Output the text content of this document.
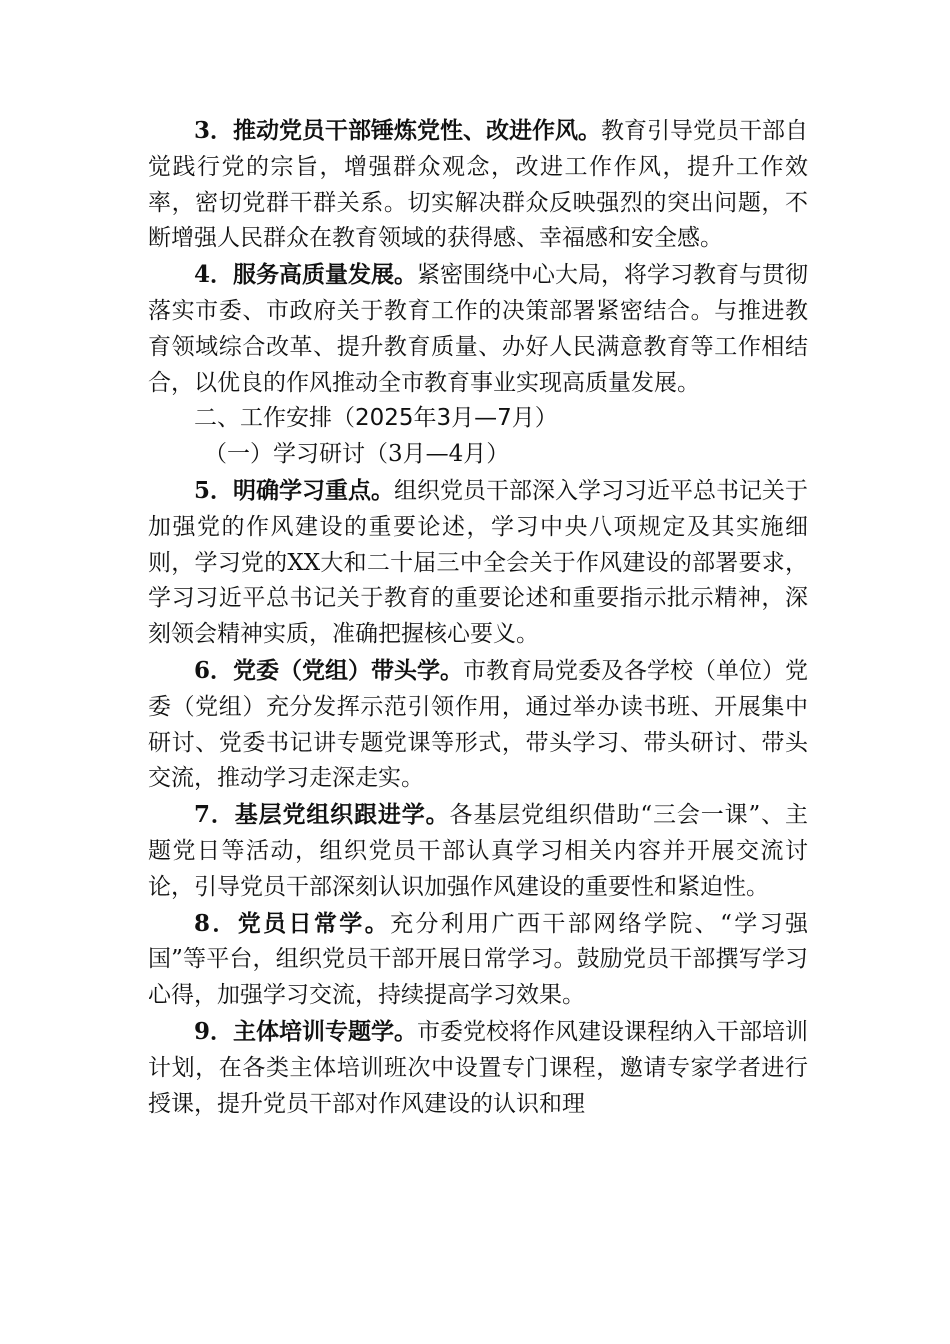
3．推动党员干部锤炼党性、改进作风。教育引导党员干部自觉践行党的宗旨，增强群众观念，改进工作作风，提升工作效率，密切党群干群关系。切实解决群众反映强烈的突出问题，不断增强人民群众在教育领域的获得感、幸福感和安全感。

4．服务高质量发展。紧密围绕中心大局，将学习教育与贯彻落实市委、市政府关于教育工作的决策部署紧密结合。与推进教育领域综合改革、提升教育质量、办好人民满意教育等工作相结合，以优良的作风推动全市教育事业实现高质量发展。

二、工作安排（2025年3月—7月）

（一）学习研讨（3月—4月）

5．明确学习重点。组织党员干部深入学习习近平总书记关于加强党的作风建设的重要论述，学习中央八项规定及其实施细则，学习党的XX大和二十届三中全会关于作风建设的部署要求，学习习近平总书记关于教育的重要论述和重要指示批示精神，深刻领会精神实质，准确把握核心要义。

6．党委（党组）带头学。市教育局党委及各学校（单位）党委（党组）充分发挥示范引领作用，通过举办读书班、开展集中研讨、党委书记讲专题党课等形式，带头学习、带头研讨、带头交流，推动学习走深走实。

7．基层党组织跟进学。各基层党组织借助“三会一课”、主题党日等活动，组织党员干部认真学习相关内容并开展交流讨论，引导党员干部深刻认识加强作风建设的重要性和紧迫性。

8．党员日常学。充分利用广西干部网络学院、“学习强国”等平台，组织党员干部开展日常学习。鼓励党员干部撰写学习心得，加强学习交流，持续提高学习效果。

9．主体培训专题学。市委党校将作风建设课程纳入干部培训计划，在各类主体培训班次中设置专门课程，邀请专家学者进行授课，提升党员干部对作风建设的认识和理
